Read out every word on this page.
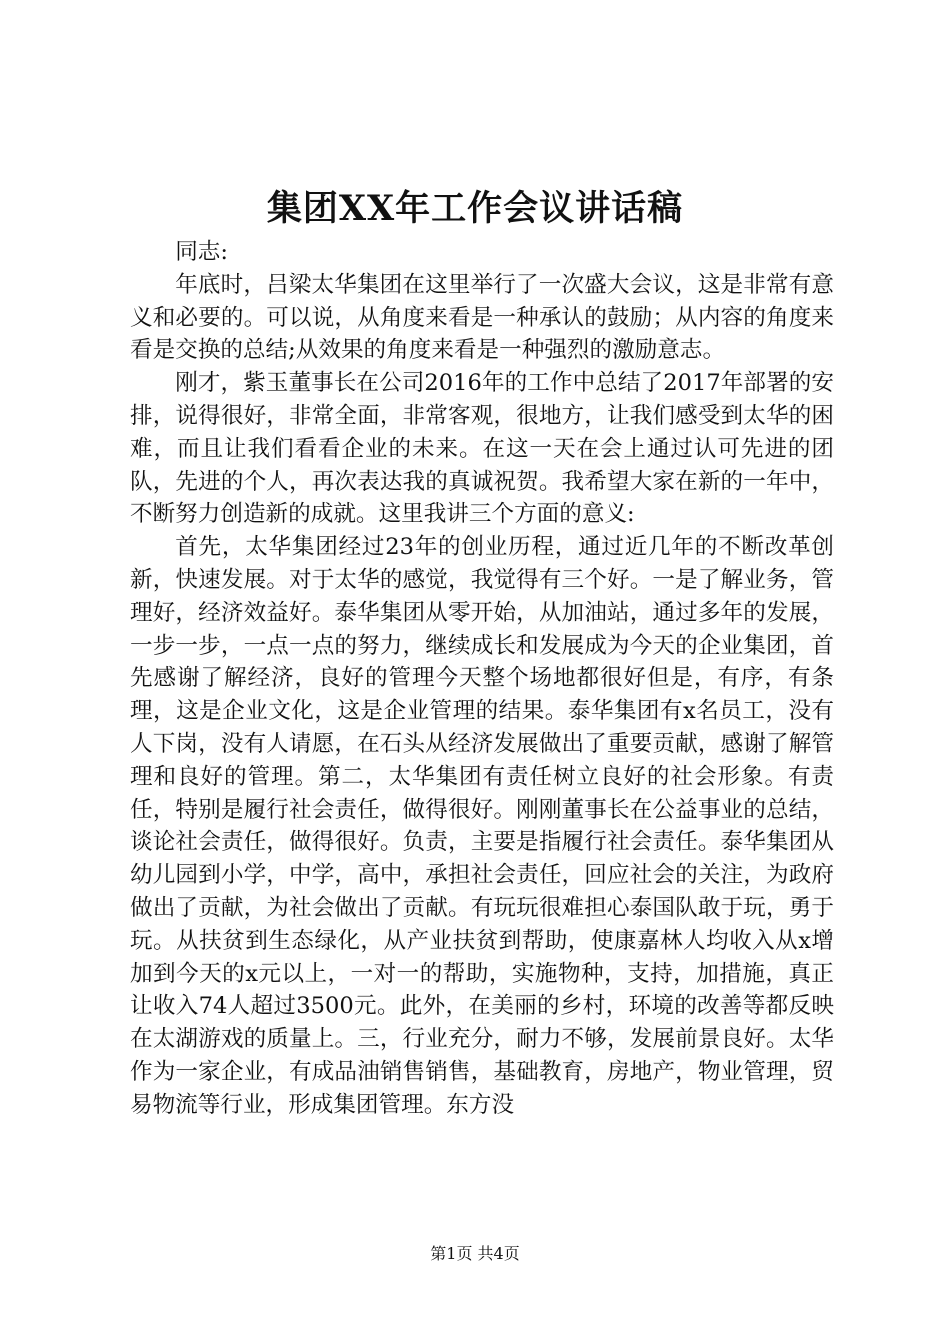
集团XX年工作会议讲话稿

同志:

年底时，吕梁太华集团在这里举行了一次盛大会议，这是非常有意义和必要的。可以说，从角度来看是一种承认的鼓励；从内容的角度来看是交换的总结;从效果的角度来看是一种强烈的激励意志。

刚才，紫玉董事长在公司2016年的工作中总结了2017年部署的安排，说得很好，非常全面，非常客观，很地方，让我们感受到太华的困难，而且让我们看看企业的未来。在这一天在会上通过认可先进的团队，先进的个人，再次表达我的真诚祝贺。我希望大家在新的一年中，不断努力创造新的成就。这里我讲三个方面的意义:

首先，太华集团经过23年的创业历程，通过近几年的不断改革创新，快速发展。对于太华的感觉，我觉得有三个好。一是了解业务，管理好，经济效益好。泰华集团从零开始，从加油站，通过多年的发展，一步一步，一点一点的努力，继续成长和发展成为今天的企业集团，首先感谢了解经济，良好的管理今天整个场地都很好但是，有序，有条理，这是企业文化，这是企业管理的结果。泰华集团有x名员工，没有人下岗，没有人请愿，在石头从经济发展做出了重要贡献，感谢了解管理和良好的管理。第二，太华集团有责任树立良好的社会形象。有责任，特别是履行社会责任，做得很好。刚刚董事长在公益事业的总结，谈论社会责任，做得很好。负责，主要是指履行社会责任。泰华集团从幼儿园到小学，中学，高中，承担社会责任，回应社会的关注，为政府做出了贡献，为社会做出了贡献。有玩玩很难担心泰国队敢于玩，勇于玩。从扶贫到生态绿化，从产业扶贫到帮助，使康嘉林人均收入从x增加到今天的x元以上，一对一的帮助，实施物种，支持，加措施，真正让收入74人超过3500元。此外，在美丽的乡村，环境的改善等都反映在太湖游戏的质量上。三，行业充分，耐力不够，发展前景良好。太华作为一家企业，有成品油销售销售，基础教育，房地产，物业管理，贸易物流等行业，形成集团管理。东方没

第1页 共4页
